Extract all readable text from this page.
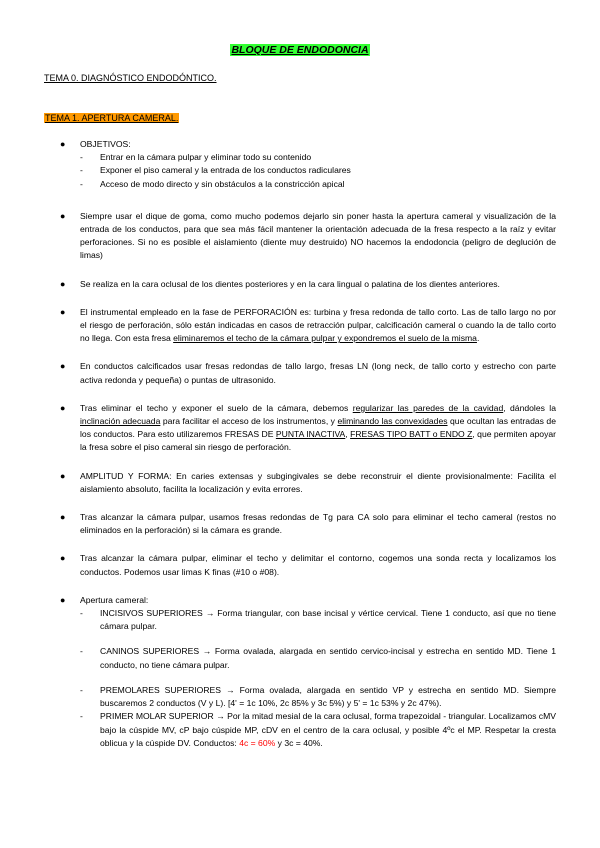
BLOQUE DE ENDODONCIA
TEMA 0. DIAGNÓSTICO ENDODÓNTICO.
TEMA 1. APERTURA CAMERAL.
● OBJETIVOS:
- Entrar en la cámara pulpar y eliminar todo su contenido
- Exponer el piso cameral y la entrada de los conductos radiculares
- Acceso de modo directo y sin obstáculos a la constricción apical
● Siempre usar el dique de goma, como mucho podemos dejarlo sin poner hasta la apertura cameral y visualización de la entrada de los conductos, para que sea más fácil mantener la orientación adecuada de la fresa respecto a la raíz y evitar perforaciones. Si no es posible el aislamiento (diente muy destruido) NO hacemos la endodoncia (peligro de deglución de limas)
● Se realiza en la cara oclusal de los dientes posteriores y en la cara lingual o palatina de los dientes anteriores.
● El instrumental empleado en la fase de PERFORACIÓN es: turbina y fresa redonda de tallo corto. Las de tallo largo no por el riesgo de perforación, sólo están indicadas en casos de retracción pulpar, calcificación cameral o cuando la de tallo corto no llega. Con esta fresa eliminaremos el techo de la cámara pulpar y expondremos el suelo de la misma.
● En conductos calcificados usar fresas redondas de tallo largo, fresas LN (long neck, de tallo corto y estrecho con parte activa redonda y pequeña) o puntas de ultrasonido.
● Tras eliminar el techo y exponer el suelo de la cámara, debemos regularizar las paredes de la cavidad, dándoles la inclinación adecuada para facilitar el acceso de los instrumentos, y eliminando las convexidades que ocultan las entradas de los conductos. Para esto utilizaremos FRESAS DE PUNTA INACTIVA, FRESAS TIPO BATT o ENDO Z, que permiten apoyar la fresa sobre el piso cameral sin riesgo de perforación.
● AMPLITUD Y FORMA: En caries extensas y subgingivales se debe reconstruir el diente provisionalmente: Facilita el aislamiento absoluto, facilita la localización y evita errores.
● Tras alcanzar la cámara pulpar, usamos fresas redondas de Tg para CA solo para eliminar el techo cameral (restos no eliminados en la perforación) si la cámara es grande.
● Tras alcanzar la cámara pulpar, eliminar el techo y delimitar el contorno, cogemos una sonda recta y localizamos los conductos. Podemos usar limas K finas (#10 o #08).
● Apertura cameral:
- INCISIVOS SUPERIORES → Forma triangular, con base incisal y vértice cervical. Tiene 1 conducto, así que no tiene cámara pulpar.
- CANINOS SUPERIORES → Forma ovalada, alargada en sentido cervico-incisal y estrecha en sentido MD. Tiene 1 conducto, no tiene cámara pulpar.
- PREMOLARES SUPERIORES → Forma ovalada, alargada en sentido VP y estrecha en sentido MD. Siempre buscaremos 2 conductos (V y L). [4' = 1c 10%, 2c 85% y 3c 5%) y 5' = 1c 53% y 2c 47%).
- PRIMER MOLAR SUPERIOR → Por la mitad mesial de la cara oclusal, forma trapezoidal - triangular. Localizamos cMV bajo la cúspide MV, cP bajo cúspide MP, cDV en el centro de la cara oclusal, y posible 4ºc el MP. Respetar la cresta oblicua y la cúspide DV. Conductos: 4c = 60% y 3c = 40%.
